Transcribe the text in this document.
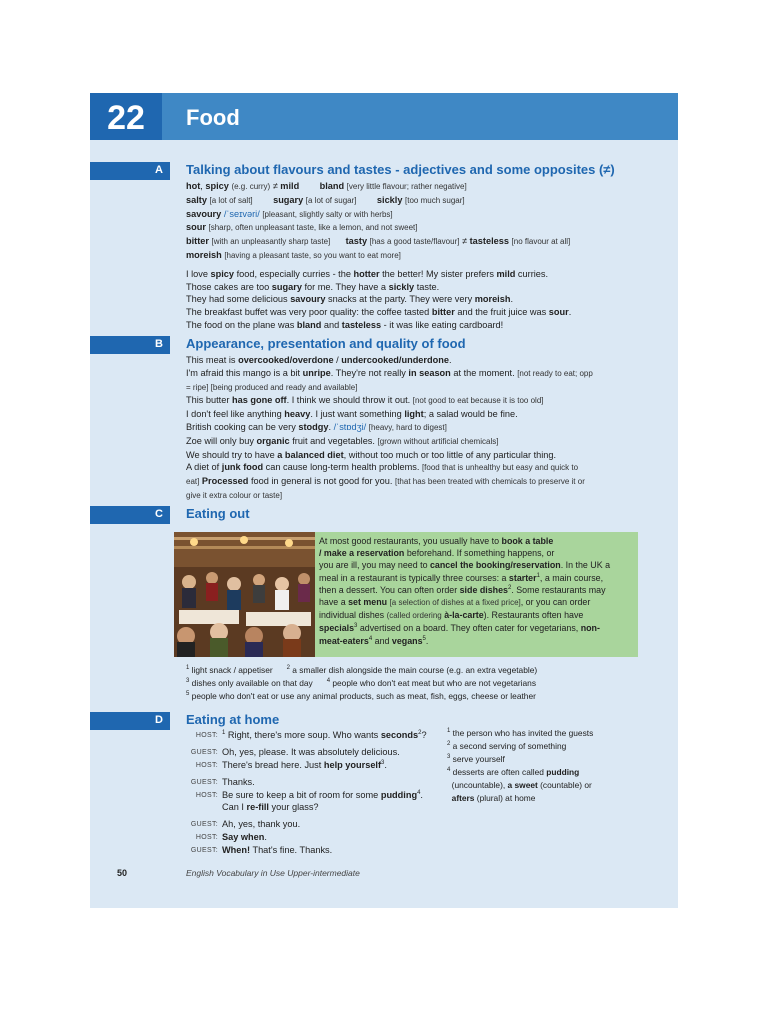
22	Food
A Talking about flavours and tastes - adjectives and some opposites (≠)
hot, spicy (e.g. curry) ≠ mild bland [very little flavour; rather negative]
salty [a lot of salt] sugary [a lot of sugar] sickly [too much sugar]
savoury /ˈseɪvəri/ [pleasant, slightly salty or with herbs]
sour [sharp, often unpleasant taste, like a lemon, and not sweet]
bitter [with an unpleasantly sharp taste] tasty [has a good taste/flavour] ≠ tasteless [no flavour at all]
moreish [having a pleasant taste, so you want to eat more]
I love spicy food, especially curries - the hotter the better! My sister prefers mild curries.
Those cakes are too sugary for me. They have a sickly taste.
They had some delicious savoury snacks at the party. They were very moreish.
The breakfast buffet was very poor quality: the coffee tasted bitter and the fruit juice was sour.
The food on the plane was bland and tasteless - it was like eating cardboard!
B Appearance, presentation and quality of food
This meat is overcooked/overdone / undercooked/underdone.
I'm afraid this mango is a bit unripe. They're not really in season at the moment. [not ready to eat; opp
= ripe] [being produced and ready and available]
This butter has gone off. I think we should throw it out. [not good to eat because it is too old]
I don't feel like anything heavy. I just want something light; a salad would be fine.
British cooking can be very stodgy. /ˈstɒdʒi/ [heavy, hard to digest]
Zoe will only buy organic fruit and vegetables. [grown without artificial chemicals]
We should try to have a balanced diet, without too much or too little of any particular thing.
A diet of junk food can cause long-term health problems. [food that is unhealthy but easy and quick to
eat] Processed food in general is not good for you. [that has been treated with chemicals to preserve it or
give it extra colour or taste]
C Eating out
At most good restaurants, you usually have to book a table
/ make a reservation beforehand. If something happens, or
you are ill, you may need to cancel the booking/reservation. In the UK a
meal in a restaurant is typically three courses: a starter$^1$, a main course,
then a dessert. You can often order side dishes$^2$. Some restaurants may
have a set menu [a selection of dishes at a fixed price], or you can order
individual dishes (called ordering à-la-carte). Restaurants often have
specials$^3$ advertised on a board. They often cater for vegetarians, non-
meat-eaters$^4$ and vegans$^5$.
$^1$ light snack / appetiser      $^2$ a smaller dish alongside the main course (e.g. an extra vegetable)
$^3$ dishes only available on that day      $^4$ people who don't eat meat but who are not vegetarians
$^5$ people who don't eat or use any animal products, such as meat, fish, eggs, cheese or leather
D Eating at home
HOST: $^1$ Right, there's more soup. Who wants seconds$^2$?
GUEST: Oh, yes, please. It was absolutely delicious.
HOST: There's bread here. Just help yourself$^3$.
GUEST: Thanks.
HOST: Be sure to keep a bit of room for some pudding$^4$.
Can I re-fill your glass?
GUEST: Ah, yes, thank you.
HOST: Say when.
GUEST: When! That's fine. Thanks.
$^1$ the person who has invited the guests
$^2$ a second serving of something
$^3$ serve yourself
$^4$ desserts are often called pudding
(uncountable), a sweet (countable) or
afters (plural) at home
50	English Vocabulary in Use Upper-intermediate
